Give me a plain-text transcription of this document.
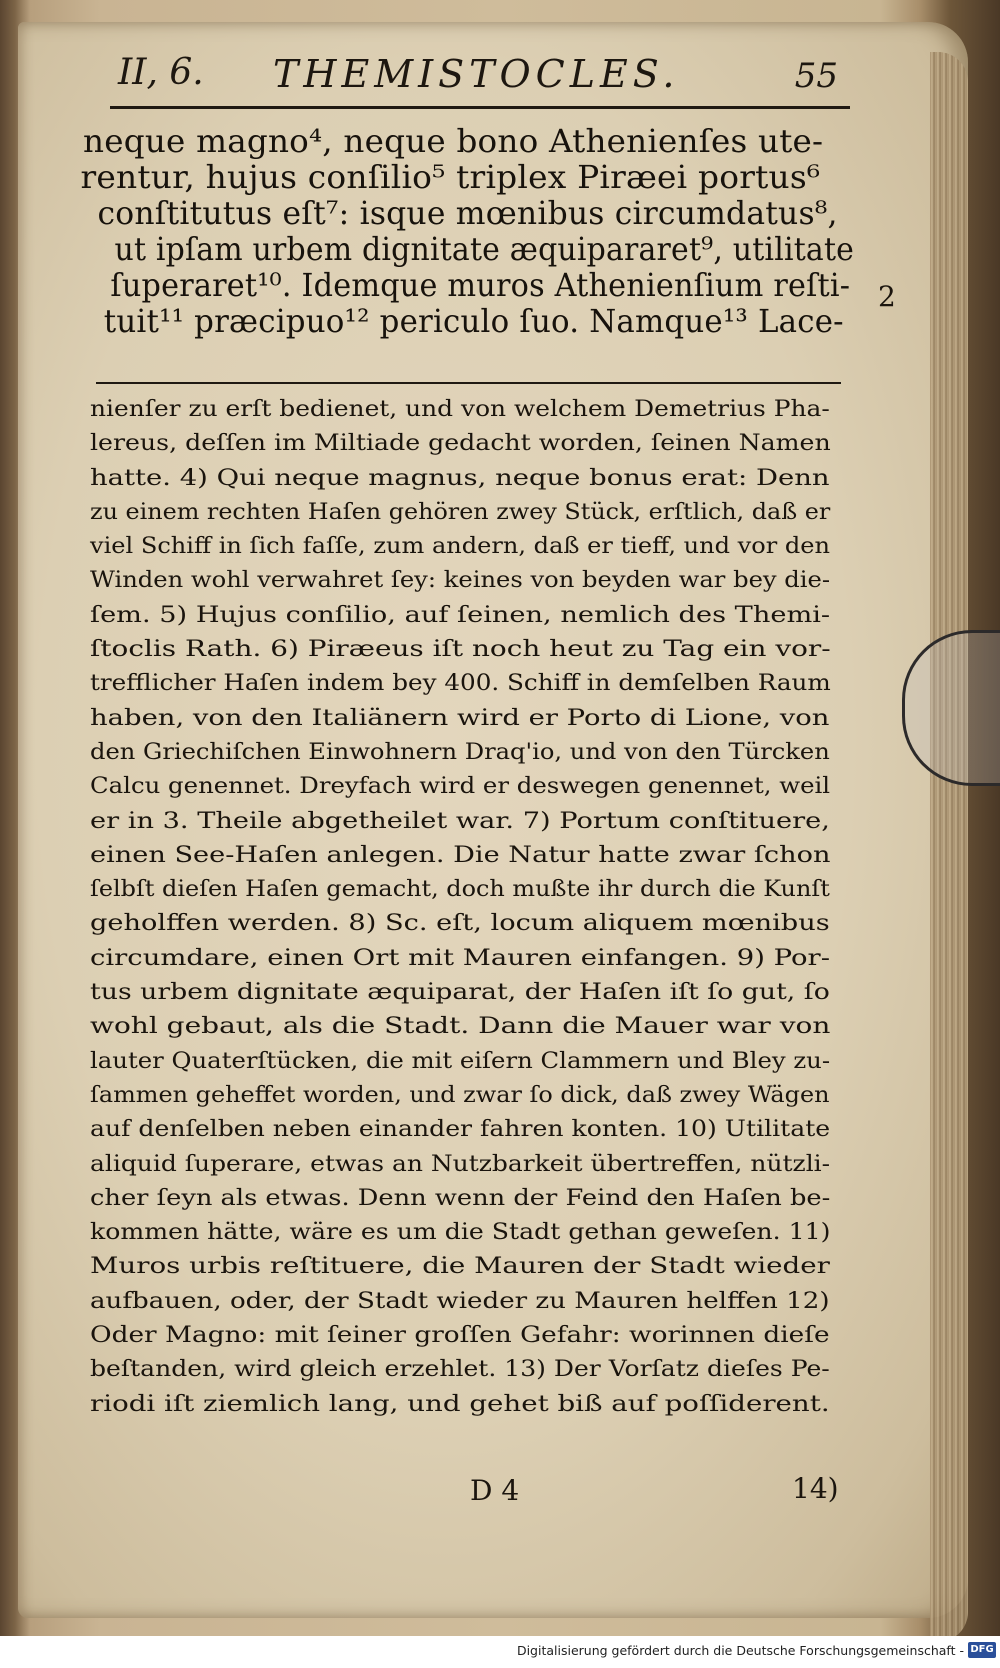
II, 6. THEMISTOCLES.	55
neque magno⁴, neque bono Athenienſes ute-
rentur, hujus conſilio⁵ triplex Piræei portus⁶
conſtitutus eſt⁷: isque mœnibus circumdatus⁸,
ut ipſam urbem dignitate æquipararet⁹, utilitate
ſuperaret¹⁰. Idemque muros Athenienſium reſti-
tuit¹¹ præcipuo¹² periculo ſuo. Namque¹³ Lace-
2
nienſer zu erſt bedienet, und von welchem Demetrius Pha-
lereus, deſſen im Miltiade gedacht worden, ſeinen Namen
hatte. 4) Qui neque magnus, neque bonus erat: Denn
zu einem rechten Haſen gehören zwey Stück, erſtlich, daß er
viel Schiff in ſich faſſe, zum andern, daß er tieff, und vor den
Winden wohl verwahret ſey: keines von beyden war bey die-
ſem. 5) Hujus conſilio, auf ſeinen, nemlich des Themi-
ſtoclis Rath. 6) Piræeus iſt noch heut zu Tag ein vor-
trefflicher Haſen indem bey 400. Schiff in demſelben Raum
haben, von den Italiänern wird er Porto di Lione, von
den Griechiſchen Einwohnern Draq'io, und von den Türcken
Calcu genennet. Dreyfach wird er deswegen genennet, weil
er in 3. Theile abgetheilet war. 7) Portum conſtituere,
einen See-Haſen anlegen. Die Natur hatte zwar ſchon
ſelbſt dieſen Haſen gemacht, doch mußte ihr durch die Kunſt
geholffen werden. 8) Sc. eſt, locum aliquem mœnibus
circumdare, einen Ort mit Mauren einfangen. 9) Por-
tus urbem dignitate æquiparat, der Haſen iſt ſo gut, ſo
wohl gebaut, als die Stadt. Dann die Mauer war von
lauter Quaterſtücken, die mit eiſern Clammern und Bley zu-
ſammen geheffet worden, und zwar ſo dick, daß zwey Wägen
auf denſelben neben einander fahren konten. 10) Utilitate
aliquid ſuperare, etwas an Nutzbarkeit übertreffen, nützli-
cher ſeyn als etwas. Denn wenn der Feind den Haſen be-
kommen hätte, wäre es um die Stadt gethan geweſen. 11)
Muros urbis reſtituere, die Mauren der Stadt wieder
aufbauen, oder, der Stadt wieder zu Mauren helffen 12)
Oder Magno: mit ſeiner groſſen Gefahr: worinnen dieſe
beſtanden, wird gleich erzehlet. 13) Der Vorſatz dieſes Pe-
riodi iſt ziemlich lang, und gehet biß auf poſſiderent.
D 4	14)
Digitalisierung gefördert durch die Deutsche Forschungsgemeinschaft - DFG
